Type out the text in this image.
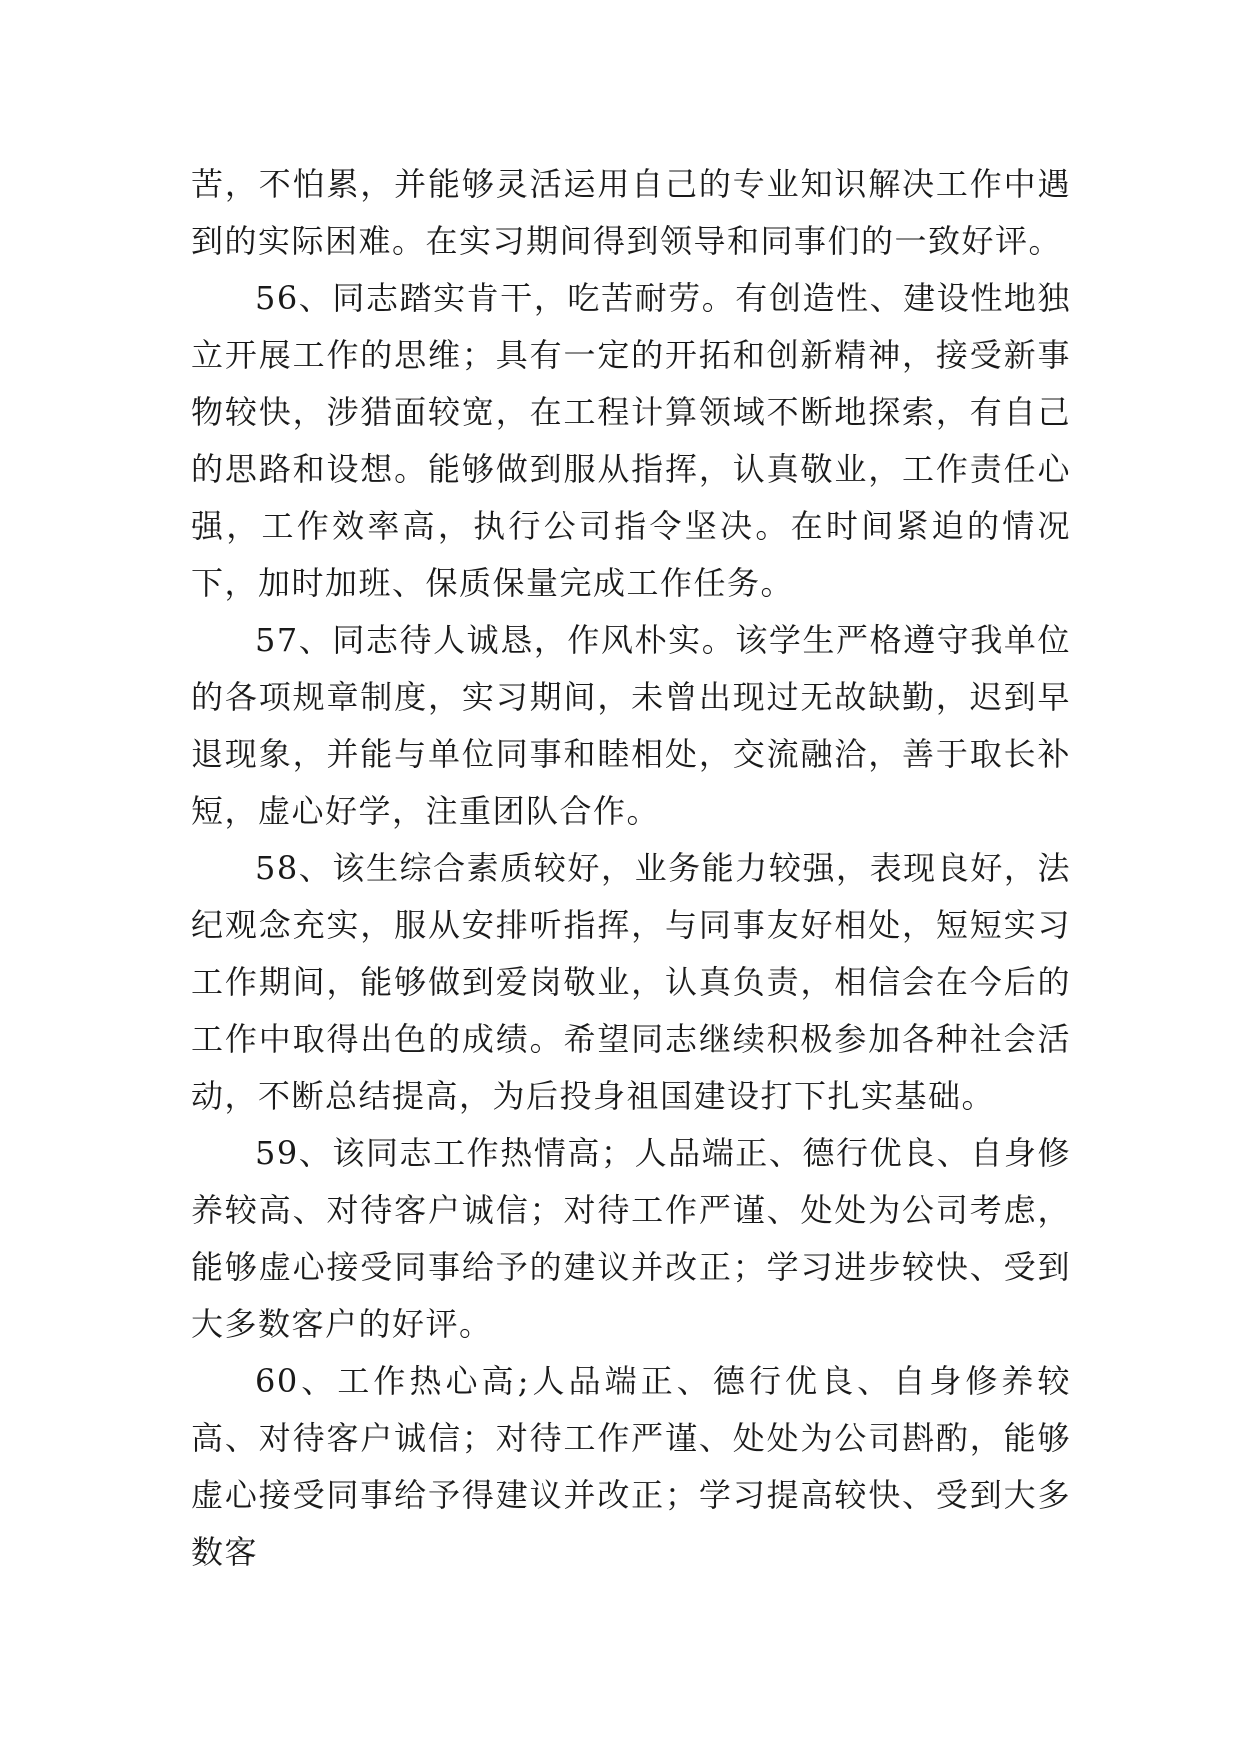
苦，不怕累，并能够灵活运用自己的专业知识解决工作中遇到的实际困难。在实习期间得到领导和同事们的一致好评。

56、同志踏实肯干，吃苦耐劳。有创造性、建设性地独立开展工作的思维；具有一定的开拓和创新精神，接受新事物较快，涉猎面较宽，在工程计算领域不断地探索，有自己的思路和设想。能够做到服从指挥，认真敬业，工作责任心强，工作效率高，执行公司指令坚决。在时间紧迫的情况下，加时加班、保质保量完成工作任务。

57、同志待人诚恳，作风朴实。该学生严格遵守我单位的各项规章制度，实习期间，未曾出现过无故缺勤，迟到早退现象，并能与单位同事和睦相处，交流融洽，善于取长补短，虚心好学，注重团队合作。

58、该生综合素质较好，业务能力较强，表现良好，法纪观念充实，服从安排听指挥，与同事友好相处，短短实习工作期间，能够做到爱岗敬业，认真负责，相信会在今后的工作中取得出色的成绩。希望同志继续积极参加各种社会活动，不断总结提高，为后投身祖国建设打下扎实基础。

59、该同志工作热情高；人品端正、德行优良、自身修养较高、对待客户诚信；对待工作严谨、处处为公司考虑，能够虚心接受同事给予的建议并改正；学习进步较快、受到大多数客户的好评。

60、工作热心高;人品端正、德行优良、自身修养较高、对待客户诚信；对待工作严谨、处处为公司斟酌，能够虚心接受同事给予得建议并改正；学习提高较快、受到大多数客
